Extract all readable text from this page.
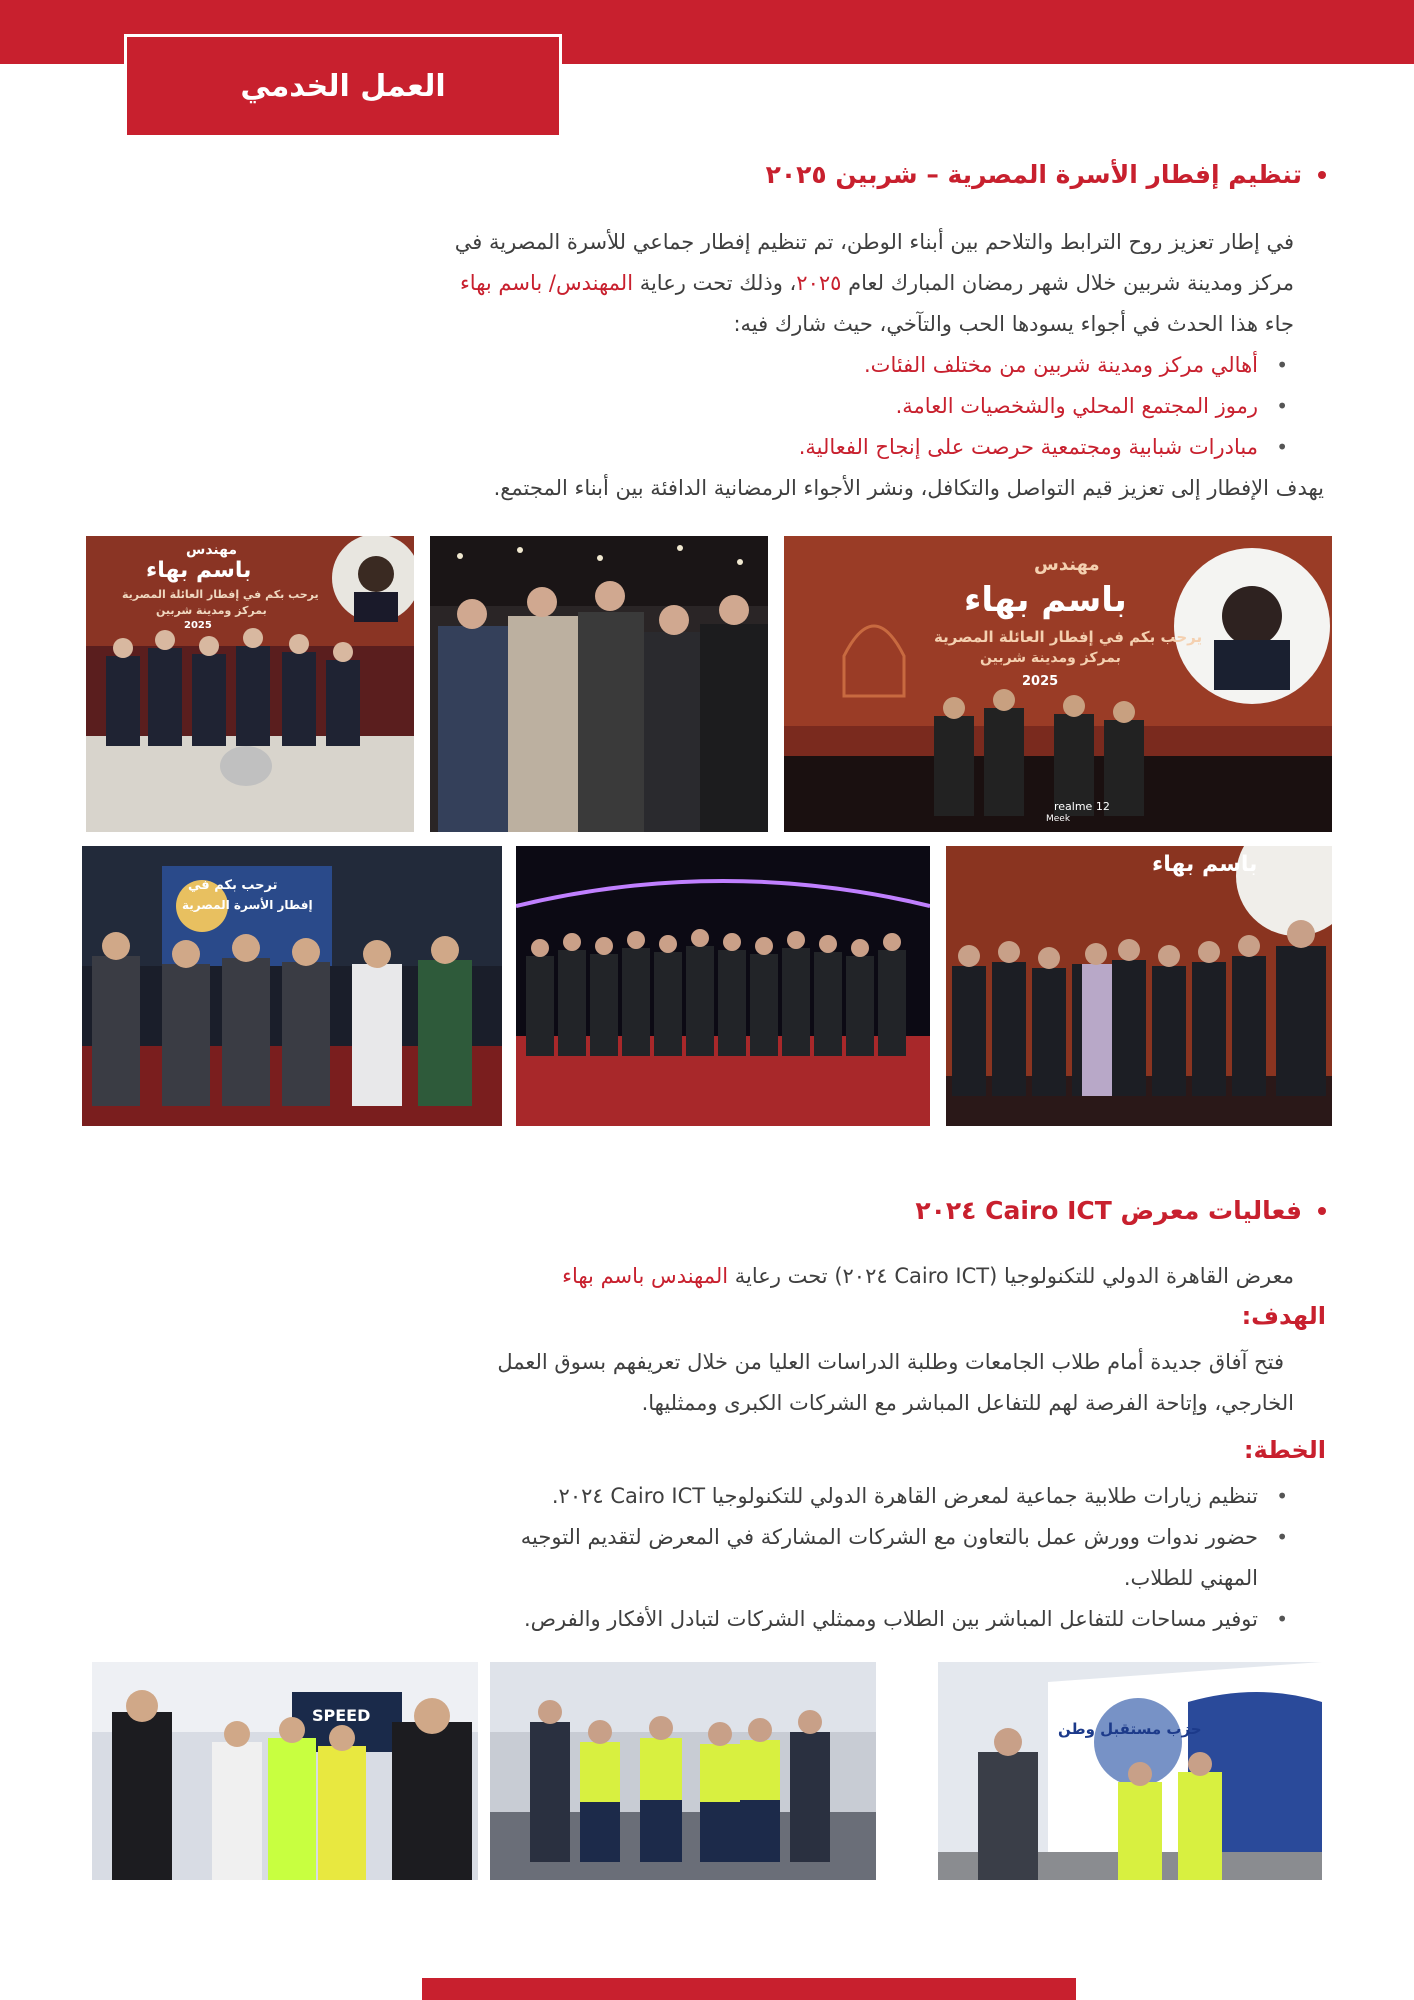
العمل الخدمي
تنظيم إفطار الأسرة المصرية – شربين ٢٠٢٥
في إطار تعزيز روح الترابط والتلاحم بين أبناء الوطن، تم تنظيم إفطار جماعي للأسرة المصرية في
مركز ومدينة شربين خلال شهر رمضان المبارك لعام ٢٠٢٥، وذلك تحت رعاية المهندس/ باسم بهاء
جاء هذا الحدث في أجواء يسودها الحب والتآخي، حيث شارك فيه:
• أهالي مركز ومدينة شربين من مختلف الفئات.
• رموز المجتمع المحلي والشخصيات العامة.
• مبادرات شبابية ومجتمعية حرصت على إنجاح الفعالية.
يهدف الإفطار إلى تعزيز قيم التواصل والتكافل، ونشر الأجواء الرمضانية الدافئة بين أبناء المجتمع.
مهندس
باسم بهاء
يرحب بكم في إفطار العائلة المصرية
بمركز ومدينة شربين
2025
مهندس
باسم بهاء
يرحب بكم في إفطار العائلة المصرية
بمركز ومدينة شربين
2025
realme 12
Meek
ترحب بكم في
إفطار الأسرة المصرية
باسم بهاء
فعاليات معرض Cairo ICT ٢٠٢٤
معرض القاهرة الدولي للتكنولوجيا (Cairo ICT ٢٠٢٤) تحت رعاية المهندس باسم بهاء
الهدف:
فتح آفاق جديدة أمام طلاب الجامعات وطلبة الدراسات العليا من خلال تعريفهم بسوق العمل
الخارجي، وإتاحة الفرصة لهم للتفاعل المباشر مع الشركات الكبرى وممثليها.
الخطة:
• تنظيم زيارات طلابية جماعية لمعرض القاهرة الدولي للتكنولوجيا Cairo ICT ٢٠٢٤.
• حضور ندوات وورش عمل بالتعاون مع الشركات المشاركة في المعرض لتقديم التوجيه
المهني للطلاب.
• توفير مساحات للتفاعل المباشر بين الطلاب وممثلي الشركات لتبادل الأفكار والفرص.
SPEED
حزب مستقبل وطن
